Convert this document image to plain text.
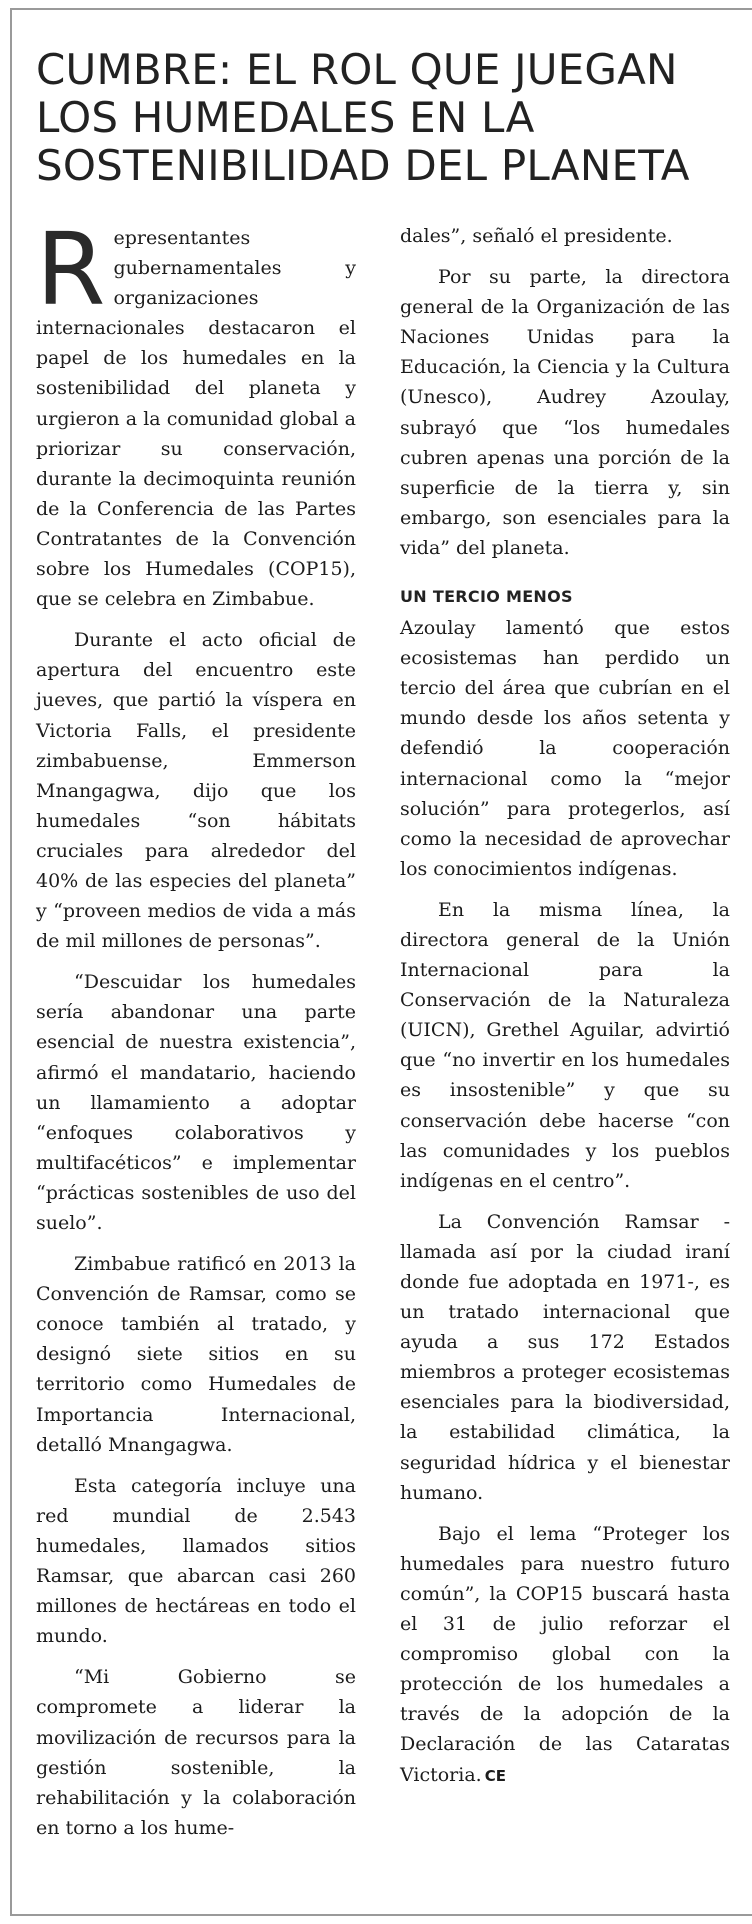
CUMBRE: EL ROL QUE JUEGAN
LOS HUMEDALES EN LA
SOSTENIBILIDAD DEL PLANETA

Representantes gubernamentales y organizaciones internacionales destacaron el papel de los humedales en la sostenibilidad del planeta y urgieron a la comunidad global a priorizar su conservación, durante la decimoquinta reunión de la Conferencia de las Partes Contratantes de la Convención sobre los Humedales (COP15), que se celebra en Zimbabue.

Durante el acto oficial de apertura del encuentro este jueves, que partió la víspera en Victoria Falls, el presidente zimbabuense, Emmerson Mnangagwa, dijo que los humedales “son hábitats cruciales para alrededor del 40% de las especies del planeta” y “proveen medios de vida a más de mil millones de personas”.

“Descuidar los humedales sería abandonar una parte esencial de nuestra existencia”, afirmó el mandatario, haciendo un llamamiento a adoptar “enfoques colaborativos y multifacéticos” e implementar “prácticas sostenibles de uso del suelo”.

Zimbabue ratificó en 2013 la Convención de Ramsar, como se conoce también al tratado, y designó siete sitios en su territorio como Humedales de Importancia Internacional, detalló Mnangagwa.

Esta categoría incluye una red mundial de 2.543 humedales, llamados sitios Ramsar, que abarcan casi 260 millones de hectáreas en todo el mundo.

“Mi Gobierno se compromete a liderar la movilización de recursos para la gestión sostenible, la rehabilitación y la colaboración en torno a los hume-

dales”, señaló el presidente.

Por su parte, la directora general de la Organización de las Naciones Unidas para la Educación, la Ciencia y la Cultura (Unesco), Audrey Azoulay, subrayó que “los humedales cubren apenas una porción de la superficie de la tierra y, sin embargo, son esenciales para la vida” del planeta.

UN TERCIO MENOS

Azoulay lamentó que estos ecosistemas han perdido un tercio del área que cubrían en el mundo desde los años setenta y defendió la cooperación internacional como la “mejor solución” para protegerlos, así como la necesidad de aprovechar los conocimientos indígenas.

En la misma línea, la directora general de la Unión Internacional para la Conservación de la Naturaleza (UICN), Grethel Aguilar, advirtió que “no invertir en los humedales es insostenible” y que su conservación debe hacerse “con las comunidades y los pueblos indígenas en el centro”.

La Convención Ramsar -llamada así por la ciudad iraní donde fue adoptada en 1971-, es un tratado internacional que ayuda a sus 172 Estados miembros a proteger ecosistemas esenciales para la biodiversidad, la estabilidad climática, la seguridad hídrica y el bienestar humano.

Bajo el lema “Proteger los humedales para nuestro futuro común”, la COP15 buscará hasta el 31 de julio reforzar el compromiso global con la protección de los humedales a través de la adopción de la Declaración de las Cataratas Victoria. CE
